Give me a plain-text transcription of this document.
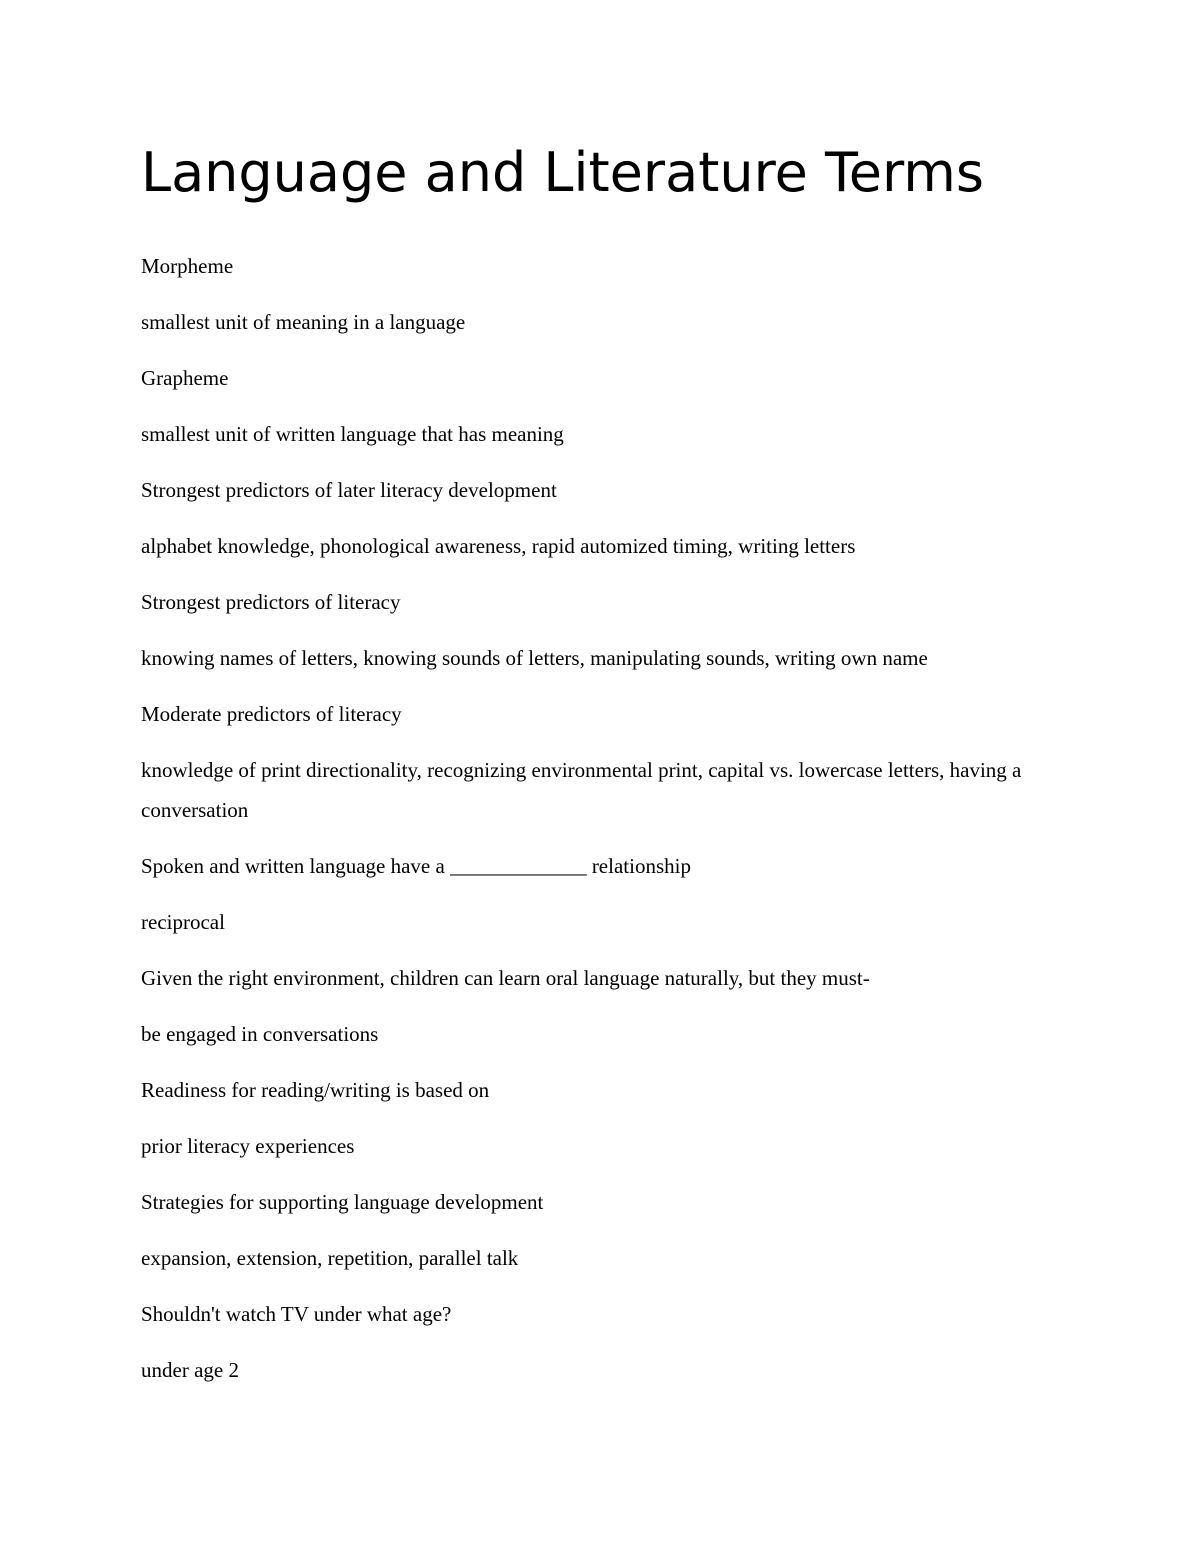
Language and Literature Terms

Morpheme

smallest unit of meaning in a language

Grapheme

smallest unit of written language that has meaning

Strongest predictors of later literacy development

alphabet knowledge, phonological awareness, rapid automized timing, writing letters

Strongest predictors of literacy

knowing names of letters, knowing sounds of letters, manipulating sounds, writing own name

Moderate predictors of literacy

knowledge of print directionality, recognizing environmental print, capital vs. lowercase letters, having a conversation

Spoken and written language have a _____________ relationship

reciprocal

Given the right environment, children can learn oral language naturally, but they must-

be engaged in conversations

Readiness for reading/writing is based on

prior literacy experiences

Strategies for supporting language development

expansion, extension, repetition, parallel talk

Shouldn't watch TV under what age?

under age 2
